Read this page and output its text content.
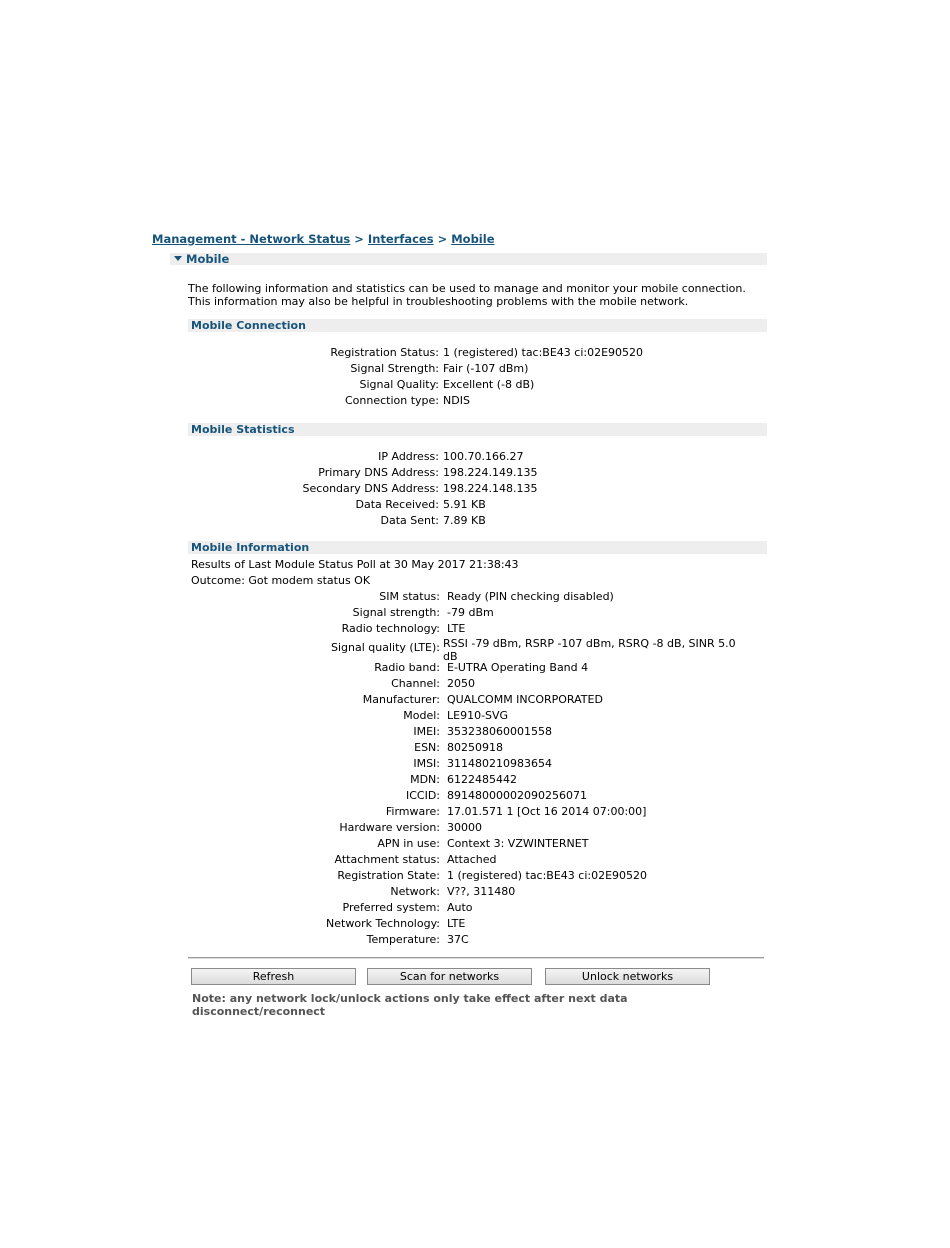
Management - Network Status > Interfaces > Mobile
Mobile
The following information and statistics can be used to manage and monitor your mobile connection.
This information may also be helpful in troubleshooting problems with the mobile network.
Mobile Connection
Registration Status: 1 (registered) tac:BE43 ci:02E90520
Signal Strength: Fair (-107 dBm)
Signal Quality: Excellent (-8 dB)
Connection type: NDIS
Mobile Statistics
IP Address: 100.70.166.27
Primary DNS Address: 198.224.149.135
Secondary DNS Address: 198.224.148.135
Data Received: 5.91 KB
Data Sent: 7.89 KB
Mobile Information
Results of Last Module Status Poll at 30 May 2017 21:38:43
Outcome: Got modem status OK
SIM status: Ready (PIN checking disabled)
Signal strength: -79 dBm
Radio technology: LTE
Signal quality (LTE): RSSI -79 dBm, RSRP -107 dBm, RSRQ -8 dB, SINR 5.0 dB
Radio band: E-UTRA Operating Band 4
Channel: 2050
Manufacturer: QUALCOMM INCORPORATED
Model: LE910-SVG
IMEI: 353238060001558
ESN: 80250918
IMSI: 311480210983654
MDN: 6122485442
ICCID: 89148000002090256071
Firmware: 17.01.571 1 [Oct 16 2014 07:00:00]
Hardware version: 30000
APN in use: Context 3: VZWINTERNET
Attachment status: Attached
Registration State: 1 (registered) tac:BE43 ci:02E90520
Network: V??, 311480
Preferred system: Auto
Network Technology: LTE
Temperature: 37C
Refresh	Scan for networks	Unlock networks
Note: any network lock/unlock actions only take effect after next data disconnect/reconnect
